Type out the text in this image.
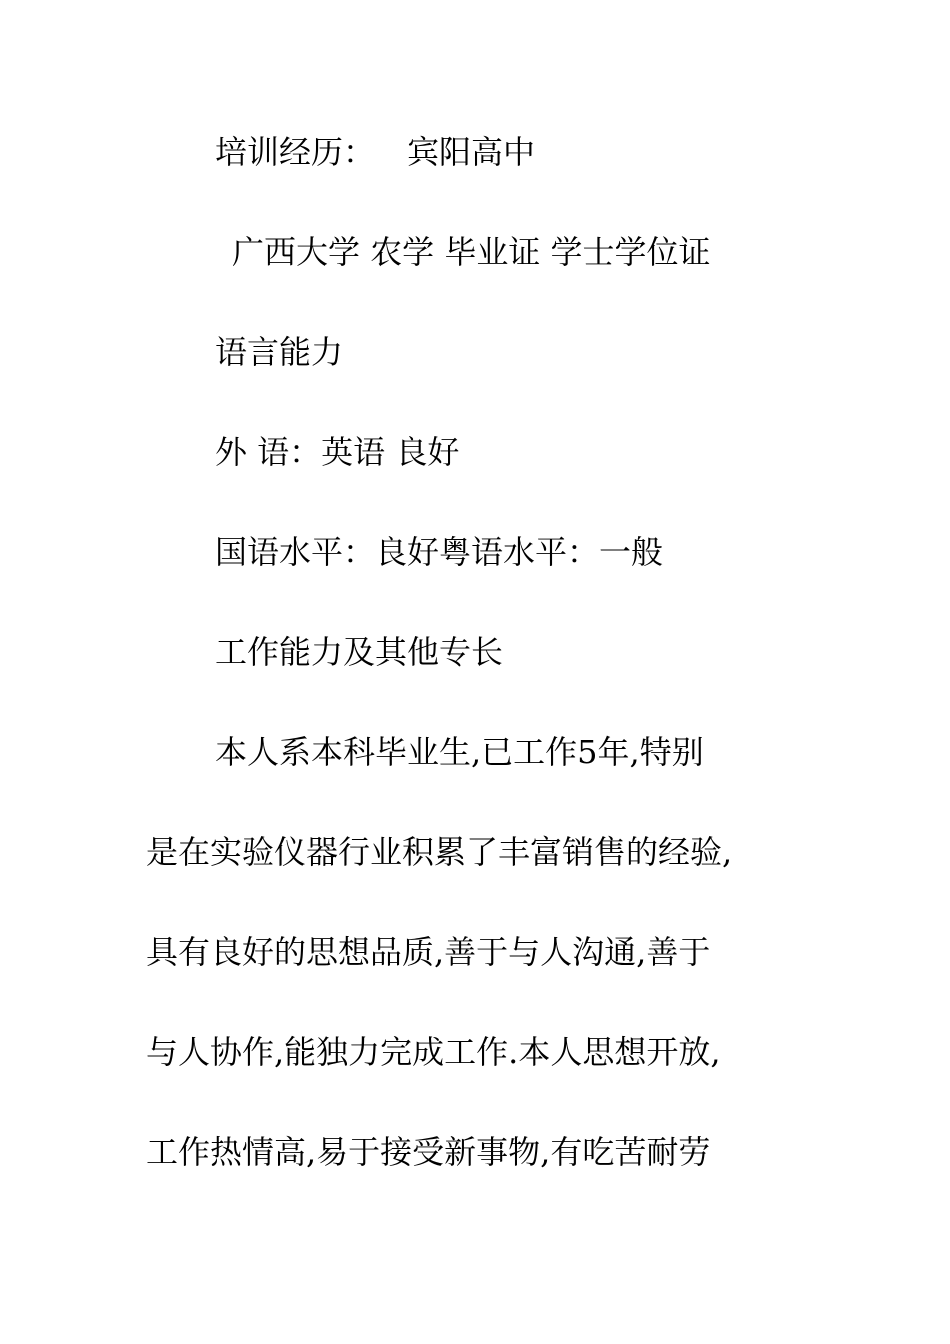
培训经历： 宾阳高中
广西大学 农学 毕业证 学士学位证
语言能力
外 语：英语 良好
国语水平：良好粤语水平：一般
工作能力及其他专长
本人系本科毕业生,已工作5年,特别
是在实验仪器行业积累了丰富销售的经验,
具有良好的思想品质,善于与人沟通,善于
与人协作,能独力完成工作.本人思想开放,
工作热情高,易于接受新事物,有吃苦耐劳
